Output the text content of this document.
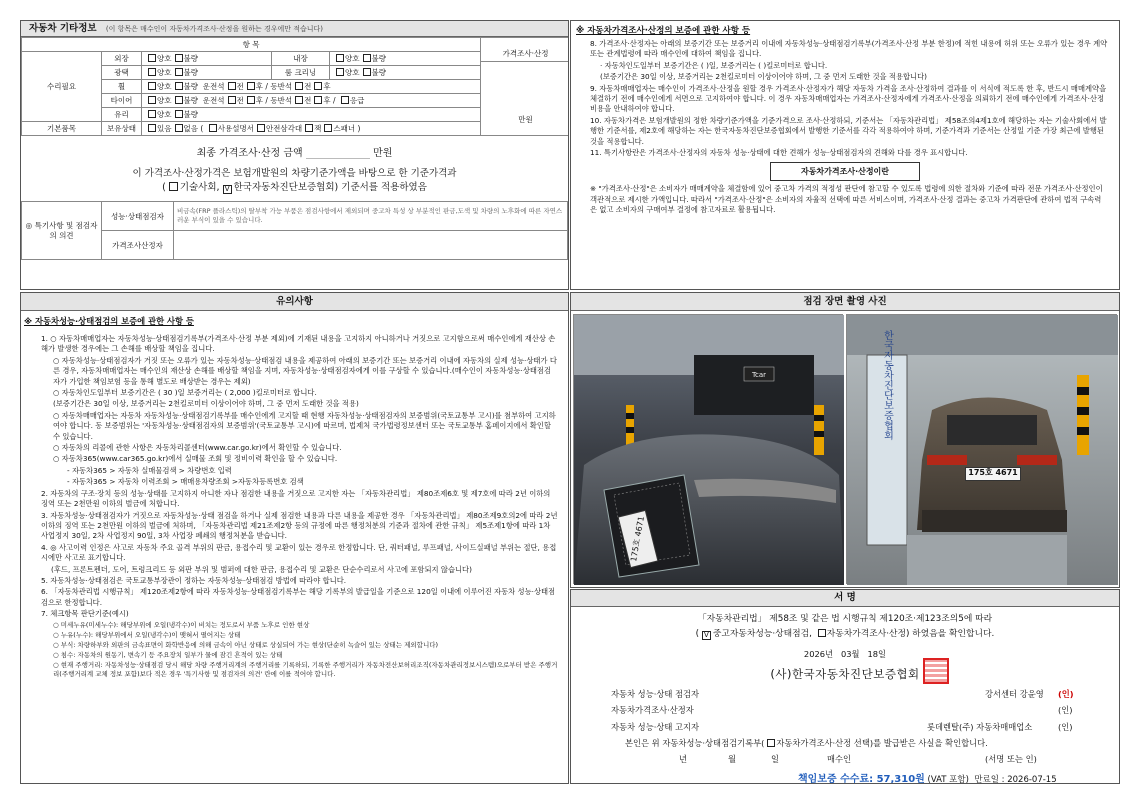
자동차 기타정보 (이 항목은 매수인이 자동차가격조사·산정을 원하는 경우에만 적습니다)
항 목					가격조사·산정
만원

수리필요	외장	양호 불량	내장	양호 불량	
	광택	양호 불량	룸 크리닝	양호 불량	
	휠	양호 불량 운전석 전 후 / 동반석 전 후			
	타이어	양호 불량 운전석 전 후 / 동반석 전 후 / 응급			
	유리	양호 불량			
기본품목	보유상태	있음 없음 ( 사용설명서 안전삼각대 잭 스패너 )			
최종 가격조사·산정 금액	만원
이 가격조사·산정가격은 보험개발원의 차량기준가액을 바탕으로 한 기준가격과
( 기술사회, V 한국자동차진단보증협회) 기준서를 적용하였음
◎ 특기사항 및 점검자의 의견	성능·상태점검자	비금속(FRP 플라스틱)의 탈부착 가능 부품은 점검사항에서 제외되며 중고차 특성 상 부분적인 판금,도색 및 차량의 노후화에 따른 자연스러운 부식이 있을 수 있습니다.
	가격조사산정자	
※ 자동차가격조사·산정의 보증에 관한 사항 등

8. 가격조사·산정자는 아래의 보증기간 또는 보증거리 이내에 자동차성능·상태점검기록부(가격조사·산정 부분 한정)에 적힌 내용에 허위 또는 오류가 있는 경우 계약 또는 관계법령에 따라 매수인에 대하여 책임을 집니다.

· 자동차인도일부터 보증기간은 ( )일, 보증거리는 ( )킬로미터로 합니다.

(보증기간은 30일 이상, 보증거리는 2천킬로미터 이상이어야 하며, 그 중 먼저 도래한 것을 적용합니다)

9. 자동차매매업자는 매수인이 가격조사·산정을 원할 경우 가격조사·산정자가 해당 자동차 가격을 조사·산정하여 결과를 이 서식에 적도록 한 후, 반드시 매매계약을 체결하기 전에 매수인에게 서면으로 고지하여야 합니다. 이 경우 자동차매매업자는 가격조사·산정자에게 가격조사·산정을 의뢰하기 전에 매수인에게 가격조사·산정 비용을 안내하여야 합니다.

10. 자동차가격은 보험개발원의 정한 차량기준가액을 기준가격으로 조사·산정하되, 기준서는 「자동차관리법」 제58조의4제1호에 해당하는 자는 기술사회에서 발행한 기준서를, 제2호에 해당하는 자는 한국자동차진단보증협회에서 발행한 기준서를 각각 적용하여야 하며, 기준가격과 기준서는 산정일 기준 가장 최근에 발행된 것을 적용합니다.

11. 특기사항란은 가격조사·산정자의 자동차 성능·상태에 대한 견해가 성능·상태점검자의 견해와 다를 경우 표시합니다.

자동차가격조사·산정이란
※ "가격조사·산정"은 소비자가 매매계약을 체결함에 있어 중고차 가격의 적정성 판단에 참고할 수 있도록 법령에 의한 절차와 기준에 따라 전문 가격조사·산정인이 객관적으로 제시한 가액입니다. 따라서 "가격조사·산정"은 소비자의 자율적 선택에 따른 서비스이며, 가격조사·산정 결과는 중고차 가격판단에 관하여 법적 구속력은 없고 소비자의 구매여부 결정에 참고자료로 활용됩니다.
유의사항
※ 자동차성능·상태점검의 보증에 관한 사항 등

1. ○ 자동차매매업자는 자동차성능·상태점검기록부(가격조사·산정 부분 제외)에 기재된 내용을 고지하지 아니하거나 거짓으로 고지함으로써 매수인에게 재산상 손해가 발생한 경우에는 그 손해를 배상할 책임을 집니다.

○ 자동차성능·상태점검자가 거짓 또는 오류가 있는 자동차성능·상태점검 내용을 제공하여 아래의 보증기간 또는 보증거리 이내에 자동차의 실제 성능·상태가 다른 경우, 자동차매매업자는 매수인의 재산상 손해를 배상할 책임을 지며, 자동차성능·상태점검자에게 이를 구상할 수 있습니다.(매수인이 자동차성능·상태점검자가 가입한 책임보험 등을 통해 별도로 배상받는 경우는 제외)

○ 자동차인도일부터 보증기간은 ( 30 )일 보증거리는 ( 2,000 )킬로미터로 합니다.

(보증기간은 30일 이상, 보증거리는 2천킬로미터 이상이어야 하며, 그 중 먼저 도래한 것을 적용)

○ 자동차매매업자는 자동차 자동차성능·상태점검기록부를 매수인에게 고지할 때 현행 자동차성능·상태점검자의 보증범위(국토교통부 고시)를 첨부하여 고지하여야 합니다. 동 보증범위는 '자동차성능·상태점검자의 보증범위'(국토교통부 고시)에 따르며, 법제처 국가법령정보센터 또는 국토교통부 홈페이지에서 확인할 수 있습니다.

○ 자동차의 리콜에 관한 사항은 자동차리콜센터(www.car.go.kr)에서 확인할 수 있습니다.

○ 자동차365(www.car365.go.kr)에서 실매물 조회 및 정비이력 확인을 할 수 있습니다.

- 자동차365 > 자동차 실매물검색 > 차량번호 입력

- 자동차365 > 자동차 이력조회 > 매매용차량조회 >자동차등록번호 검색

2. 자동차의 구조·장치 등의 성능·상태를 고지하지 아니한 자나 점검한 내용을 거짓으로 고지한 자는 「자동차관리법」 제80조제6호 및 제7호에 따라 2년 이하의 징역 또는 2천만원 이하의 벌금에 처합니다.

3. 자동차성능·상태점검자가 거짓으로 자동차성능·상태 점검을 하거나 실제 점검한 내용과 다른 내용을 제공한 경우 「자동차관리법」 제80조제9호의2에 따라 2년 이하의 징역 또는 2천만원 이하의 벌금에 처하며, 「자동차관리법 제21조제2항 등의 규정에 따른 행정처분의 기준과 절차에 관한 규칙」 제5조제1항에 따라 1차 사업정지 30일, 2차 사업정지 90일, 3차 사업장 폐쇄의 행정처분을 받습니다.

4. ◎ 사고이력 인정은 사고로 자동차 주요 골격 부위의 판금, 용접수리 및 교환이 있는 경우로 한정합니다. 단, 쿼터패널, 루프패널, 사이드실패널 부위는 절단, 용접 시에만 사고로 표기합니다.

(후드, 프론트펜더, 도어, 트렁크리드 등 외판 부위 및 범퍼에 대한 판금, 용접수리 및 교환은 단순수리로서 사고에 포함되지 않습니다)

5. 자동차성능·상태점검은 국토교통부장관이 정하는 자동차성능·상태점검 방법에 따라야 합니다.

6. 「자동차관리법 시행규칙」 제120조제2항에 따라 자동차성능·상태점검기록부는 해당 기록부의 발급일을 기준으로 120일 이내에 이루어진 자동차 성능·상태점검으로 한정합니다.

7. 체크항목 판단기준(예시)

○ 미세누유(미세누수): 해당부위에 오일(냉각수)이 비치는 정도로서 부품 노후로 인한 현상

○ 누유(누수): 해당부위에서 오일(냉각수)이 맺혀서 떨어지는 상태

○ 부식: 차량하부와 외판의 금속표면이 화학반응에 의해 금속이 아닌 상태로 상실되어 가는 현상(단순히 녹슬어 있는 상태는 제외합니다)

○ 침수: 자동차의 원동기, 변속기 등 주요장치 일부가 물에 잠긴 흔적이 있는 상태

○ 현재 주행거리: 자동차성능·상태점검 당시 해당 차량 주행거리계의 주행거리를 기록하되, 기록한 주행거리가 자동차전산보허리조직(자동차관리정보시스템)으로부터 받은 주행거리(주행거리계 교체 정보 포함)보다 적은 경우 '특기사항 및 점검자의 의견' 란에 이를 적어야 합니다.

점검 장면 촬영 사진
Tcar
175호 4671
한국자동차진단보증협회
175호 4671
서 명
「자동차관리법」 제58조 및 같은 법 시행규칙 제120조·제123조의5에 따라
( V 중고자동차성능·상태점검, 자동차가격조사·산정) 하였음을 확인합니다.
2026년 03월 18일
(사)한국자동차진단보증협회
자동차 성능·상태 점검자	강서센터 강윤영 (인)
자동차가격조사·산정자	(인)
자동차 성능·상태 고지자	롯데렌탈(주) 자동차매매업소	(인)
본인은 위 자동차성능·상태점검기록부( 자동차가격조사·산정 선택)를 발급받은 사실을 확인합니다.
년	월	일	매수인	(서명 또는 인)
책임보증 수수료: 57,310원 (VAT 포함) 만료일 : 2026-07-15
